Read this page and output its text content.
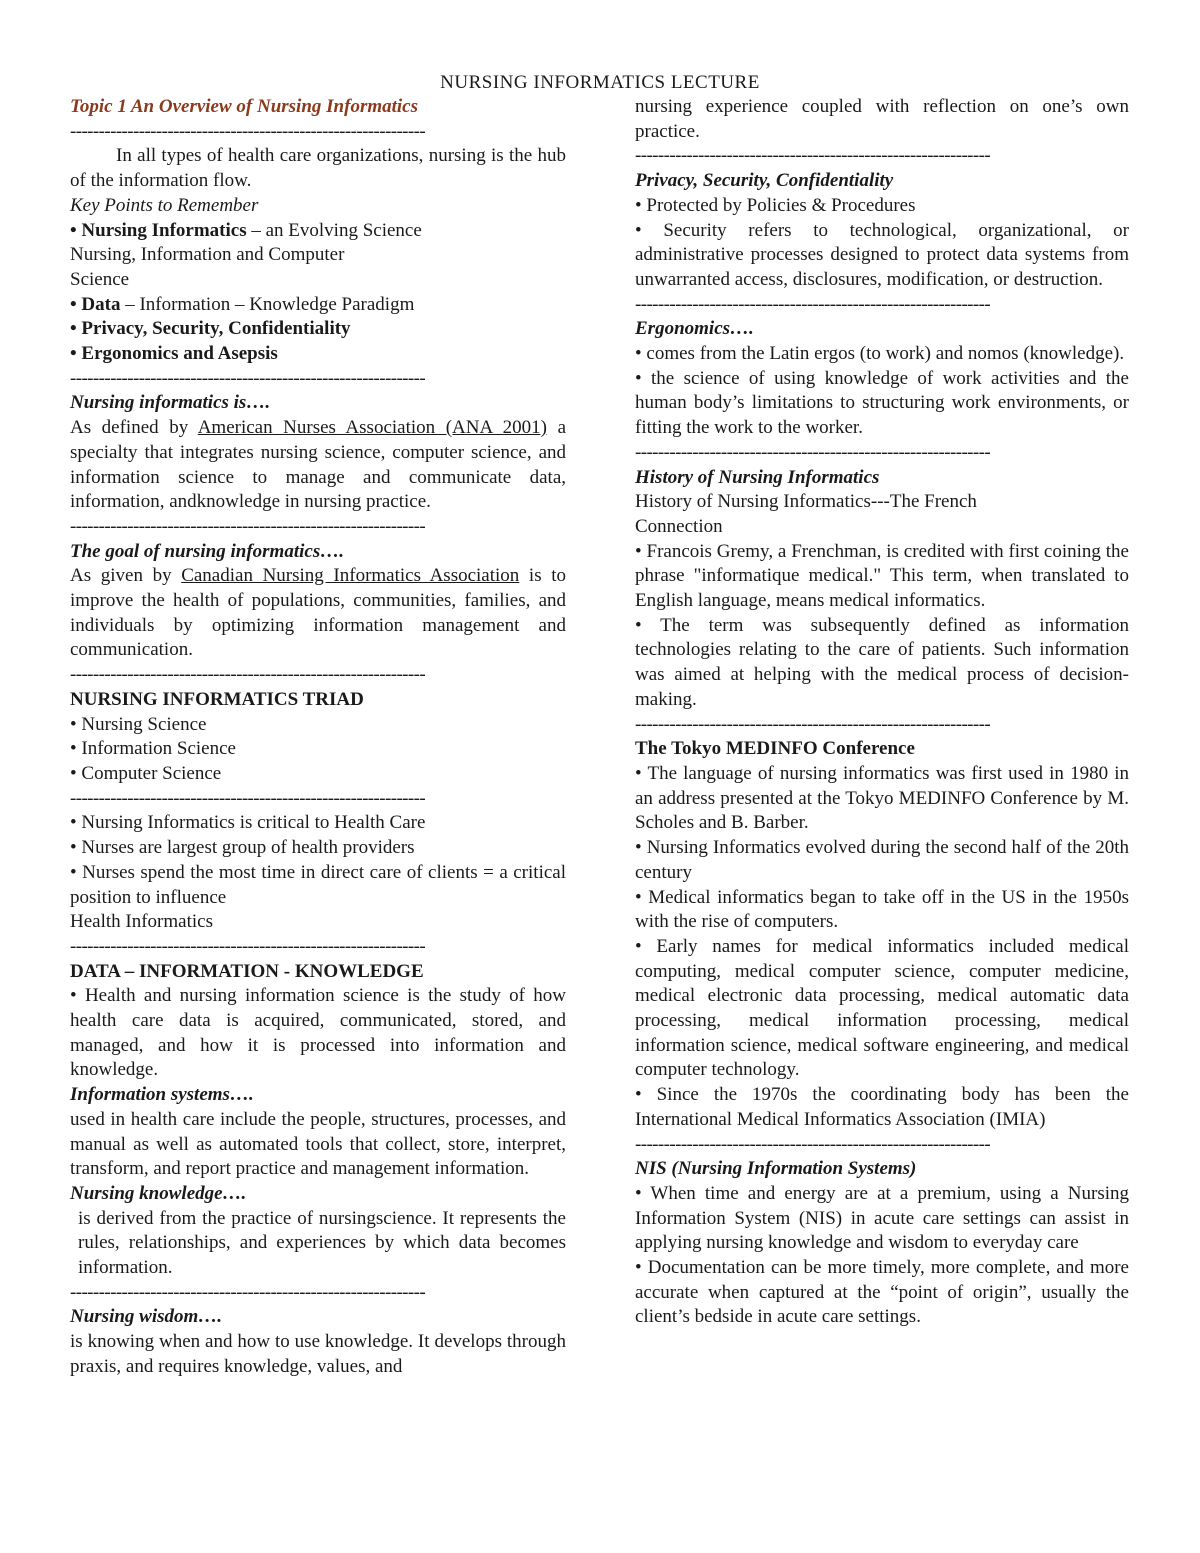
NURSING INFORMATICS LECTURE

Topic 1 An Overview of Nursing Informatics

--------------------------------------------------------------

In all types of health care organizations, nursing is the hub of the information flow.

Key Points to Remember

• Nursing Informatics – an Evolving Science

Nursing, Information and Computer

Science

• Data – Information – Knowledge Paradigm

• Privacy, Security, Confidentiality

• Ergonomics and Asepsis

--------------------------------------------------------------

Nursing informatics is….

As defined by American Nurses Association (ANA 2001) a specialty that integrates nursing science, computer science, and information science to manage and communicate data, information, andknowledge in nursing practice.

--------------------------------------------------------------

The goal of nursing informatics….

As given by Canadian Nursing Informatics Association is to improve the health of populations, communities, families, and individuals by optimizing information management and communication.

--------------------------------------------------------------

NURSING INFORMATICS TRIAD

• Nursing Science

• Information Science

• Computer Science

--------------------------------------------------------------

• Nursing Informatics is critical to Health Care

• Nurses are largest group of health providers

• Nurses spend the most time in direct care of clients = a critical position to influence

Health Informatics

--------------------------------------------------------------

DATA – INFORMATION - KNOWLEDGE

• Health and nursing information science is the study of how health care data is acquired, communicated, stored, and managed, and how it is processed into information and knowledge.

Information systems….

used in health care include the people, structures, processes, and manual as well as automated tools that collect, store, interpret, transform, and report practice and management information.

Nursing knowledge….

is derived from the practice of nursingscience. It represents the rules, relationships, and experiences by which data becomes information.

--------------------------------------------------------------

Nursing wisdom….

is knowing when and how to use knowledge. It develops through praxis, and requires knowledge, values, and

nursing experience coupled with reflection on one’s own practice.

--------------------------------------------------------------

Privacy, Security, Confidentiality

• Protected by Policies & Procedures

• Security refers to technological, organizational, or administrative processes designed to protect data systems from unwarranted access, disclosures, modification, or destruction.

--------------------------------------------------------------

Ergonomics….

• comes from the Latin ergos (to work) and nomos (knowledge).

• the science of using knowledge of work activities and the human body’s limitations to structuring work environments, or fitting the work to the worker.

--------------------------------------------------------------

History of Nursing Informatics

History of Nursing Informatics---The French

Connection

• Francois Gremy, a Frenchman, is credited with first coining the phrase "informatique medical." This term, when translated to English language, means medical informatics.

• The term was subsequently defined as information technologies relating to the care of patients. Such information was aimed at helping with the medical process of decision-making.

--------------------------------------------------------------

The Tokyo MEDINFO Conference

• The language of nursing informatics was first used in 1980 in an address presented at the Tokyo MEDINFO Conference by M. Scholes and B. Barber.

• Nursing Informatics evolved during the second half of the 20th century

• Medical informatics began to take off in the US in the 1950s with the rise of computers.

• Early names for medical informatics included medical computing, medical computer science, computer medicine, medical electronic data processing, medical automatic data processing, medical information processing, medical information science, medical software engineering, and medical computer technology.

• Since the 1970s the coordinating body has been the International Medical Informatics Association (IMIA)

--------------------------------------------------------------

NIS (Nursing Information Systems)

• When time and energy are at a premium, using a Nursing Information System (NIS) in acute care settings can assist in applying nursing knowledge and wisdom to everyday care

• Documentation can be more timely, more complete, and more accurate when captured at the “point of origin”, usually the client’s bedside in acute care settings.
